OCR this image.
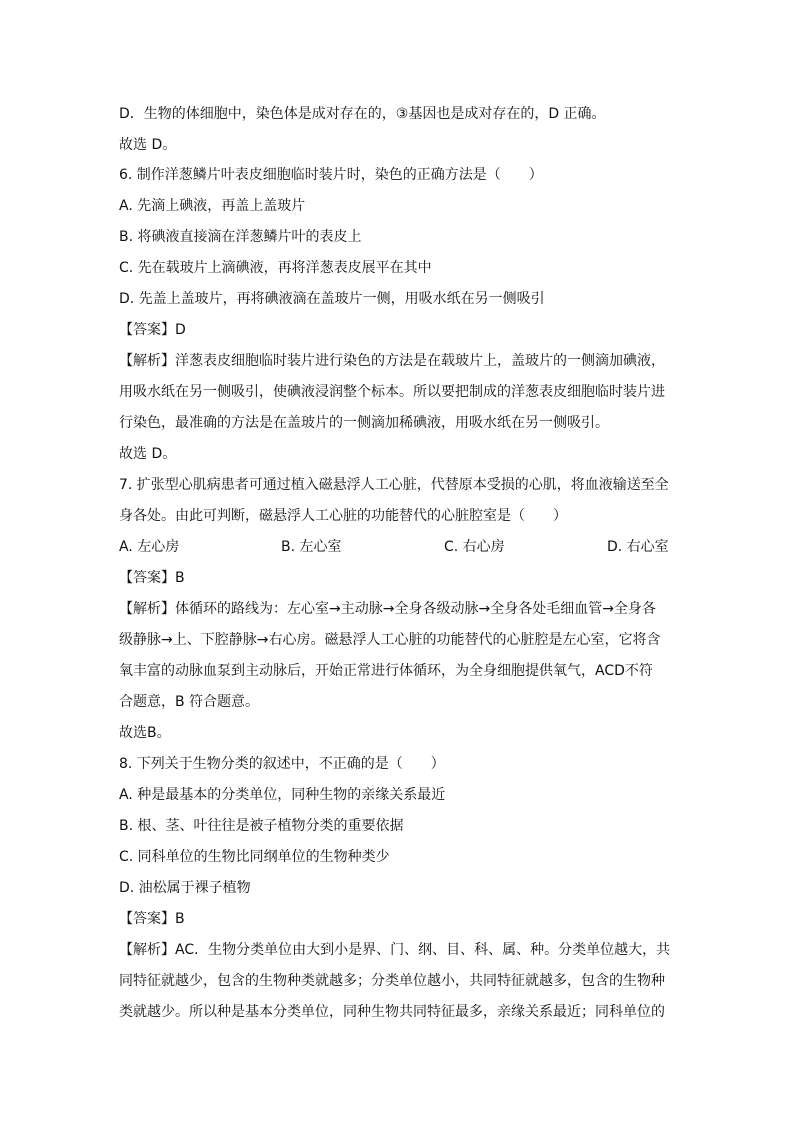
D．生物的体细胞中，染色体是成对存在的，③基因也是成对存在的，D 正确。
故选 D。
6. 制作洋葱鳞片叶表皮细胞临时装片时，染色的正确方法是（　　）
A. 先滴上碘液，再盖上盖玻片
B. 将碘液直接滴在洋葱鳞片叶的表皮上
C. 先在载玻片上滴碘液，再将洋葱表皮展平在其中
D. 先盖上盖玻片，再将碘液滴在盖玻片一侧，用吸水纸在另一侧吸引
【答案】D
【解析】洋葱表皮细胞临时装片进行染色的方法是在载玻片上，盖玻片的一侧滴加碘液，
用吸水纸在另一侧吸引，使碘液浸润整个标本。所以要把制成的洋葱表皮细胞临时装片进
行染色，最准确的方法是在盖玻片的一侧滴加稀碘液，用吸水纸在另一侧吸引。
故选 D。
7. 扩张型心肌病患者可通过植入磁悬浮人工心脏，代替原本受损的心肌，将血液输送至全
身各处。由此可判断，磁悬浮人工心脏的功能替代的心脏腔室是（　　）
A. 左心房	B. 左心室	C. 右心房	D. 右心室
【答案】B
【解析】体循环的路线为：左心室→主动脉→全身各级动脉→全身各处毛细血管→全身各
级静脉→上、下腔静脉→右心房。磁悬浮人工心脏的功能替代的心脏腔是左心室，它将含
氧丰富的动脉血泵到主动脉后，开始正常进行体循环，为全身细胞提供氧气，ACD不符
合题意，B 符合题意。
故选B。
8. 下列关于生物分类的叙述中，不正确的是（　　）
A. 种是最基本的分类单位，同种生物的亲缘关系最近
B. 根、茎、叶往往是被子植物分类的重要依据
C. 同科单位的生物比同纲单位的生物种类少
D. 油松属于裸子植物
【答案】B
【解析】AC．生物分类单位由大到小是界、门、纲、目、科、属、种。分类单位越大，共
同特征就越少，包含的生物种类就越多；分类单位越小，共同特征就越多，包含的生物种
类就越少。所以种是基本分类单位，同种生物共同特征最多，亲缘关系最近；同科单位的
